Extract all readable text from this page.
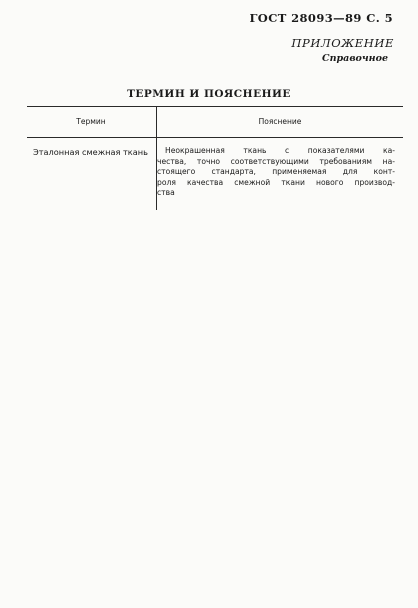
ГОСТ 28093—89 С. 5
ПРИЛОЖЕНИЕ
Справочное
ТЕРМИН И ПОЯСНЕНИЕ
Термин	Пояснение
Эталонная смежная ткань Неокрашенная ткань с показателями ка-
чества, точно соответствующими требованиям на-
стоящего стандарта, применяемая для конт-
роля качества смежной ткани нового производ-
ства
